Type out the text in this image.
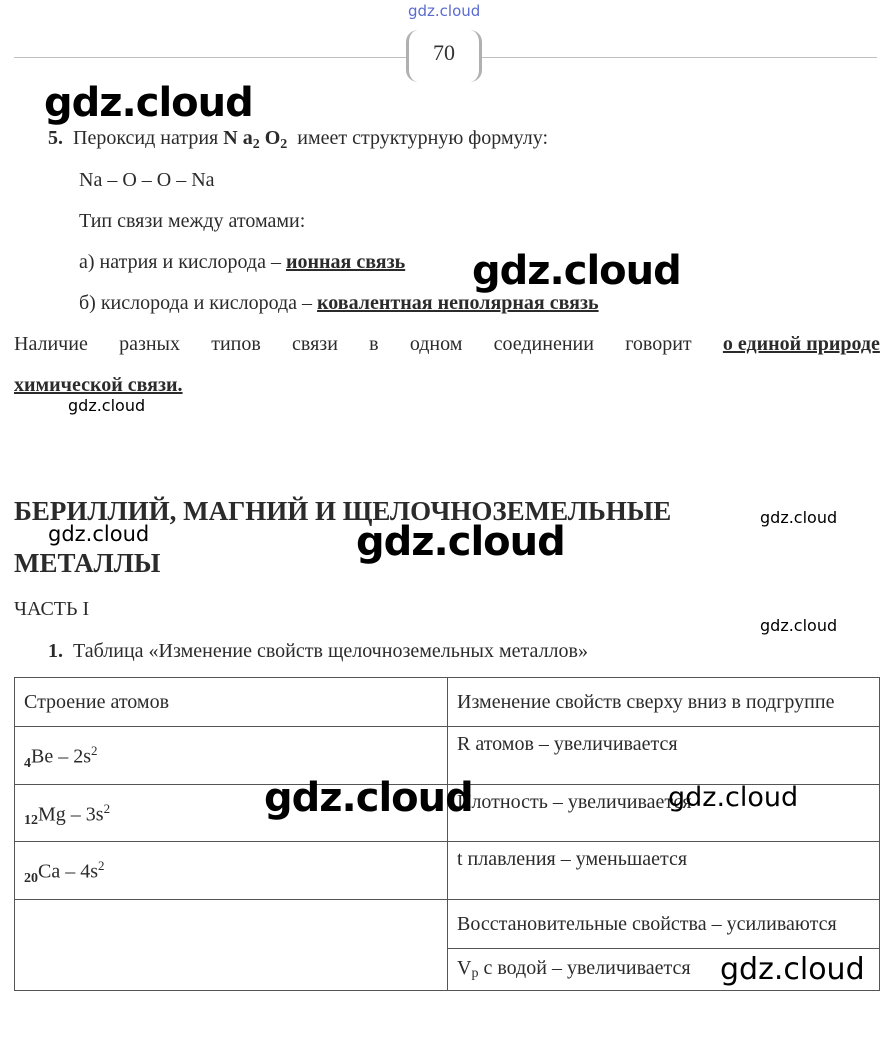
gdz.cloud
70
gdz.cloud
5. Пероксид натрия N $a_2$ $O_2$ имеет структурную формулу:
Na – O – O – Na
Тип связи между атомами:
а) натрия и кислорода – ионная связь gdz.cloud
б) кислорода и кислорода – ковалентная неполярная связь
Наличие разных типов связи в одном соединении говорит о единой природе
химической связи.
gdz.cloud
БЕРИЛЛИЙ, МАГНИЙ И ЩЕЛОЧНОЗЕМЕЛЬНЫЕ	gdz.cloud
gdz.cloud
МЕТАЛЛЫ	gdz.cloud
ЧАСТЬ I
gdz.cloud
1. Таблица «Изменение свойств щелочноземельных металлов»
Строение атомов	Изменение свойств сверху вниз в подгруппе
$_4Be - 2s^2$	R атомов – увеличивается
$_{12}Mg - 3s^2$	Плотность – увеличивается
$_{20}Ca - 4s^2$	t плавления – уменьшается
	Восстановительные свойства – усиливаются
	Vр с водой – увеличивается
gdz.cloud	gdz.cloud
gdz.cloud
